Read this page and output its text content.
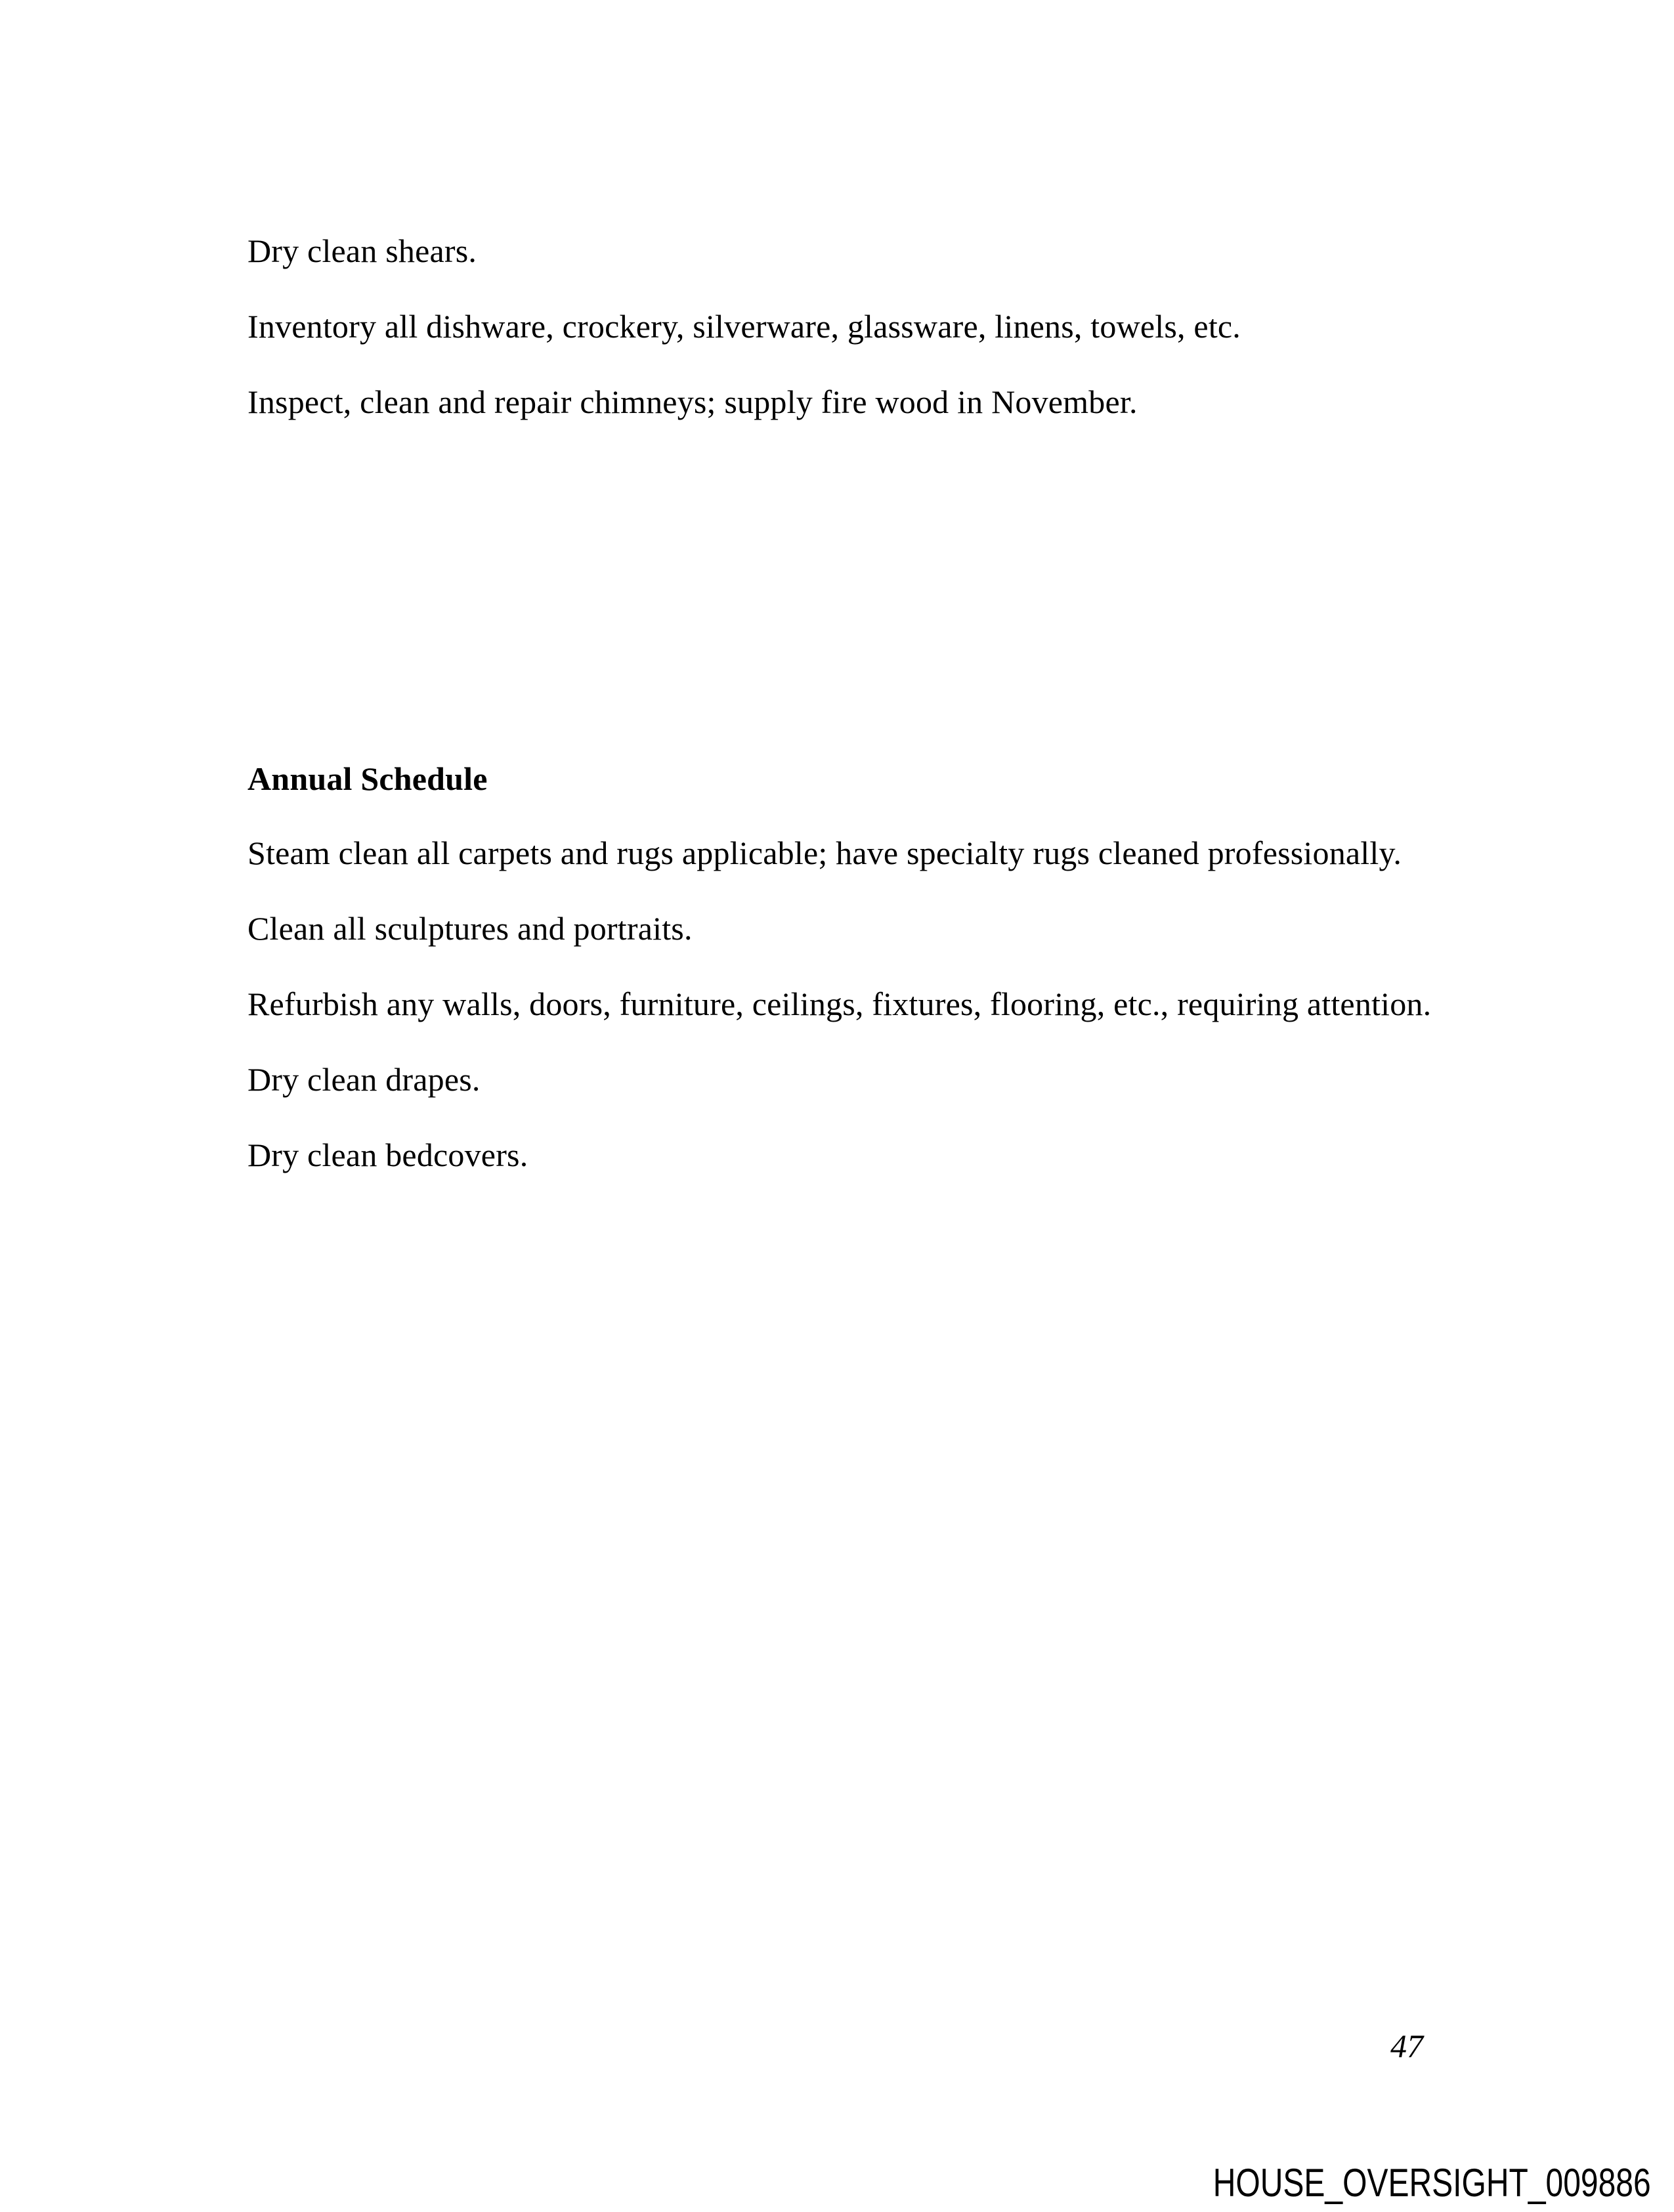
Dry clean shears.

Inventory all dishware, crockery, silverware, glassware, linens, towels, etc.

Inspect, clean and repair chimneys; supply fire wood in November.

Annual Schedule

Steam clean all carpets and rugs applicable; have specialty rugs cleaned professionally.

Clean all sculptures and portraits.

Refurbish any walls, doors, furniture, ceilings, fixtures, flooring, etc., requiring attention.

Dry clean drapes.

Dry clean bedcovers.

47

HOUSE_OVERSIGHT_009886
